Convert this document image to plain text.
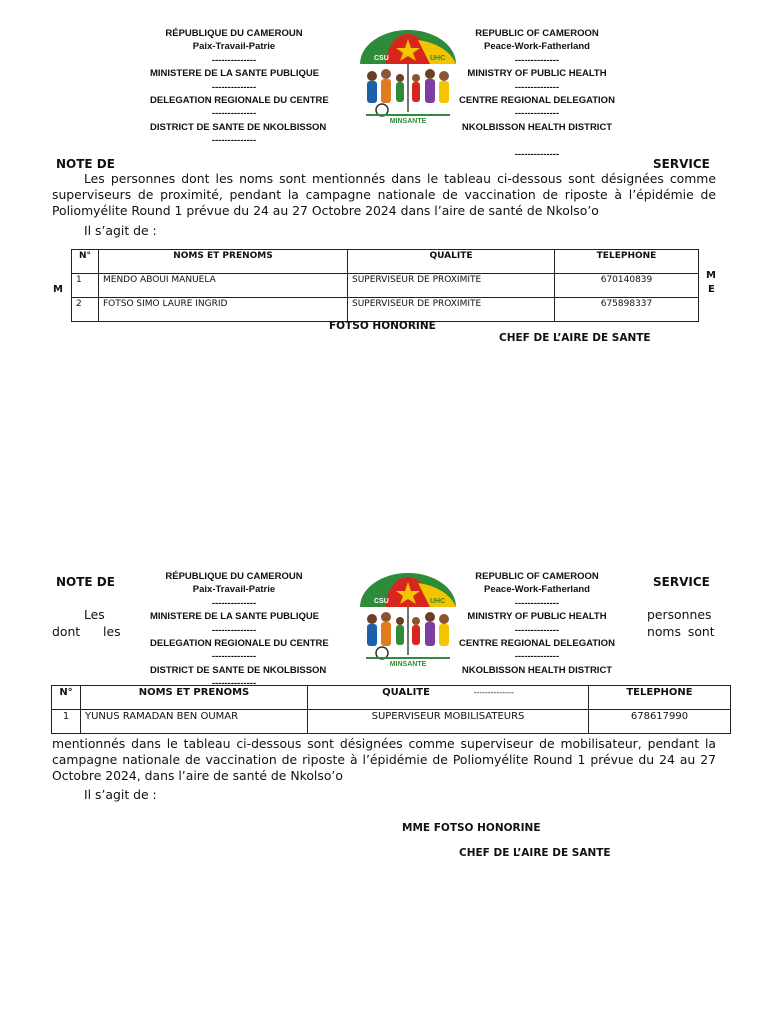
RÉPUBLIQUE DU CAMEROUN
Paix-Travail-Patrie
--------------
MINISTERE DE LA SANTE PUBLIQUE
--------------
DELEGATION REGIONALE DU CENTRE
--------------
DISTRICT DE SANTE DE NKOLBISSON
--------------
CSU	UHC
MINSANTE
REPUBLIC OF CAMEROON
Peace-Work-Fatherland
--------------
MINISTRY OF PUBLIC HEALTH
--------------
CENTRE REGIONAL DELEGATION
--------------
NKOLBISSON HEALTH DISTRICT
--------------
NOTE DE	SERVICE
Les personnes dont les noms sont mentionnés dans le tableau ci-dessous sont désignées comme superviseurs de proximité, pendant la campagne nationale de vaccination de riposte à l’épidémie de Poliomyélite Round 1 prévue du 24 au 27 Octobre 2024 dans l’aire de santé de Nkolso’o
Il s’agit de :
M
M
E
N°	NOMS ET PRENOMS	QUALITE	TELEPHONE
1	MENDO ABOUI MANUELA	SUPERVISEUR DE PROXIMITE	670140839
2	FOTSO SIMO LAURE INGRID	SUPERVISEUR DE PROXIMITE	675898337
FOTSO HONORINE
CHEF DE L’AIRE DE SANTE
NOTE DE	SERVICE
RÉPUBLIQUE DU CAMEROUN
Paix-Travail-Patrie
--------------
MINISTERE DE LA SANTE PUBLIQUE
--------------
DELEGATION REGIONALE DU CENTRE
--------------
DISTRICT DE SANTE DE NKOLBISSON
--------------
CSU	UHC
MINSANTE
REPUBLIC OF CAMEROON
Peace-Work-Fatherland
--------------
MINISTRY OF PUBLIC HEALTH
--------------
CENTRE REGIONAL DELEGATION
--------------
NKOLBISSON HEALTH DISTRICT
Les
dont les
personnes
noms sont
N°	NOMS ET PRENOMS	QUALITE --------------	TELEPHONE
1	YUNUS RAMADAN BEN OUMAR	SUPERVISEUR MOBILISATEURS	678617990
mentionnés dans le tableau ci-dessous sont désignées comme superviseur de mobilisateur, pendant la campagne nationale de vaccination de riposte à l’épidémie de Poliomyélite Round 1 prévue du 24 au 27 Octobre 2024, dans l’aire de santé de Nkolso’o
Il s’agit de :
MME FOTSO HONORINE
CHEF DE L’AIRE DE SANTE
